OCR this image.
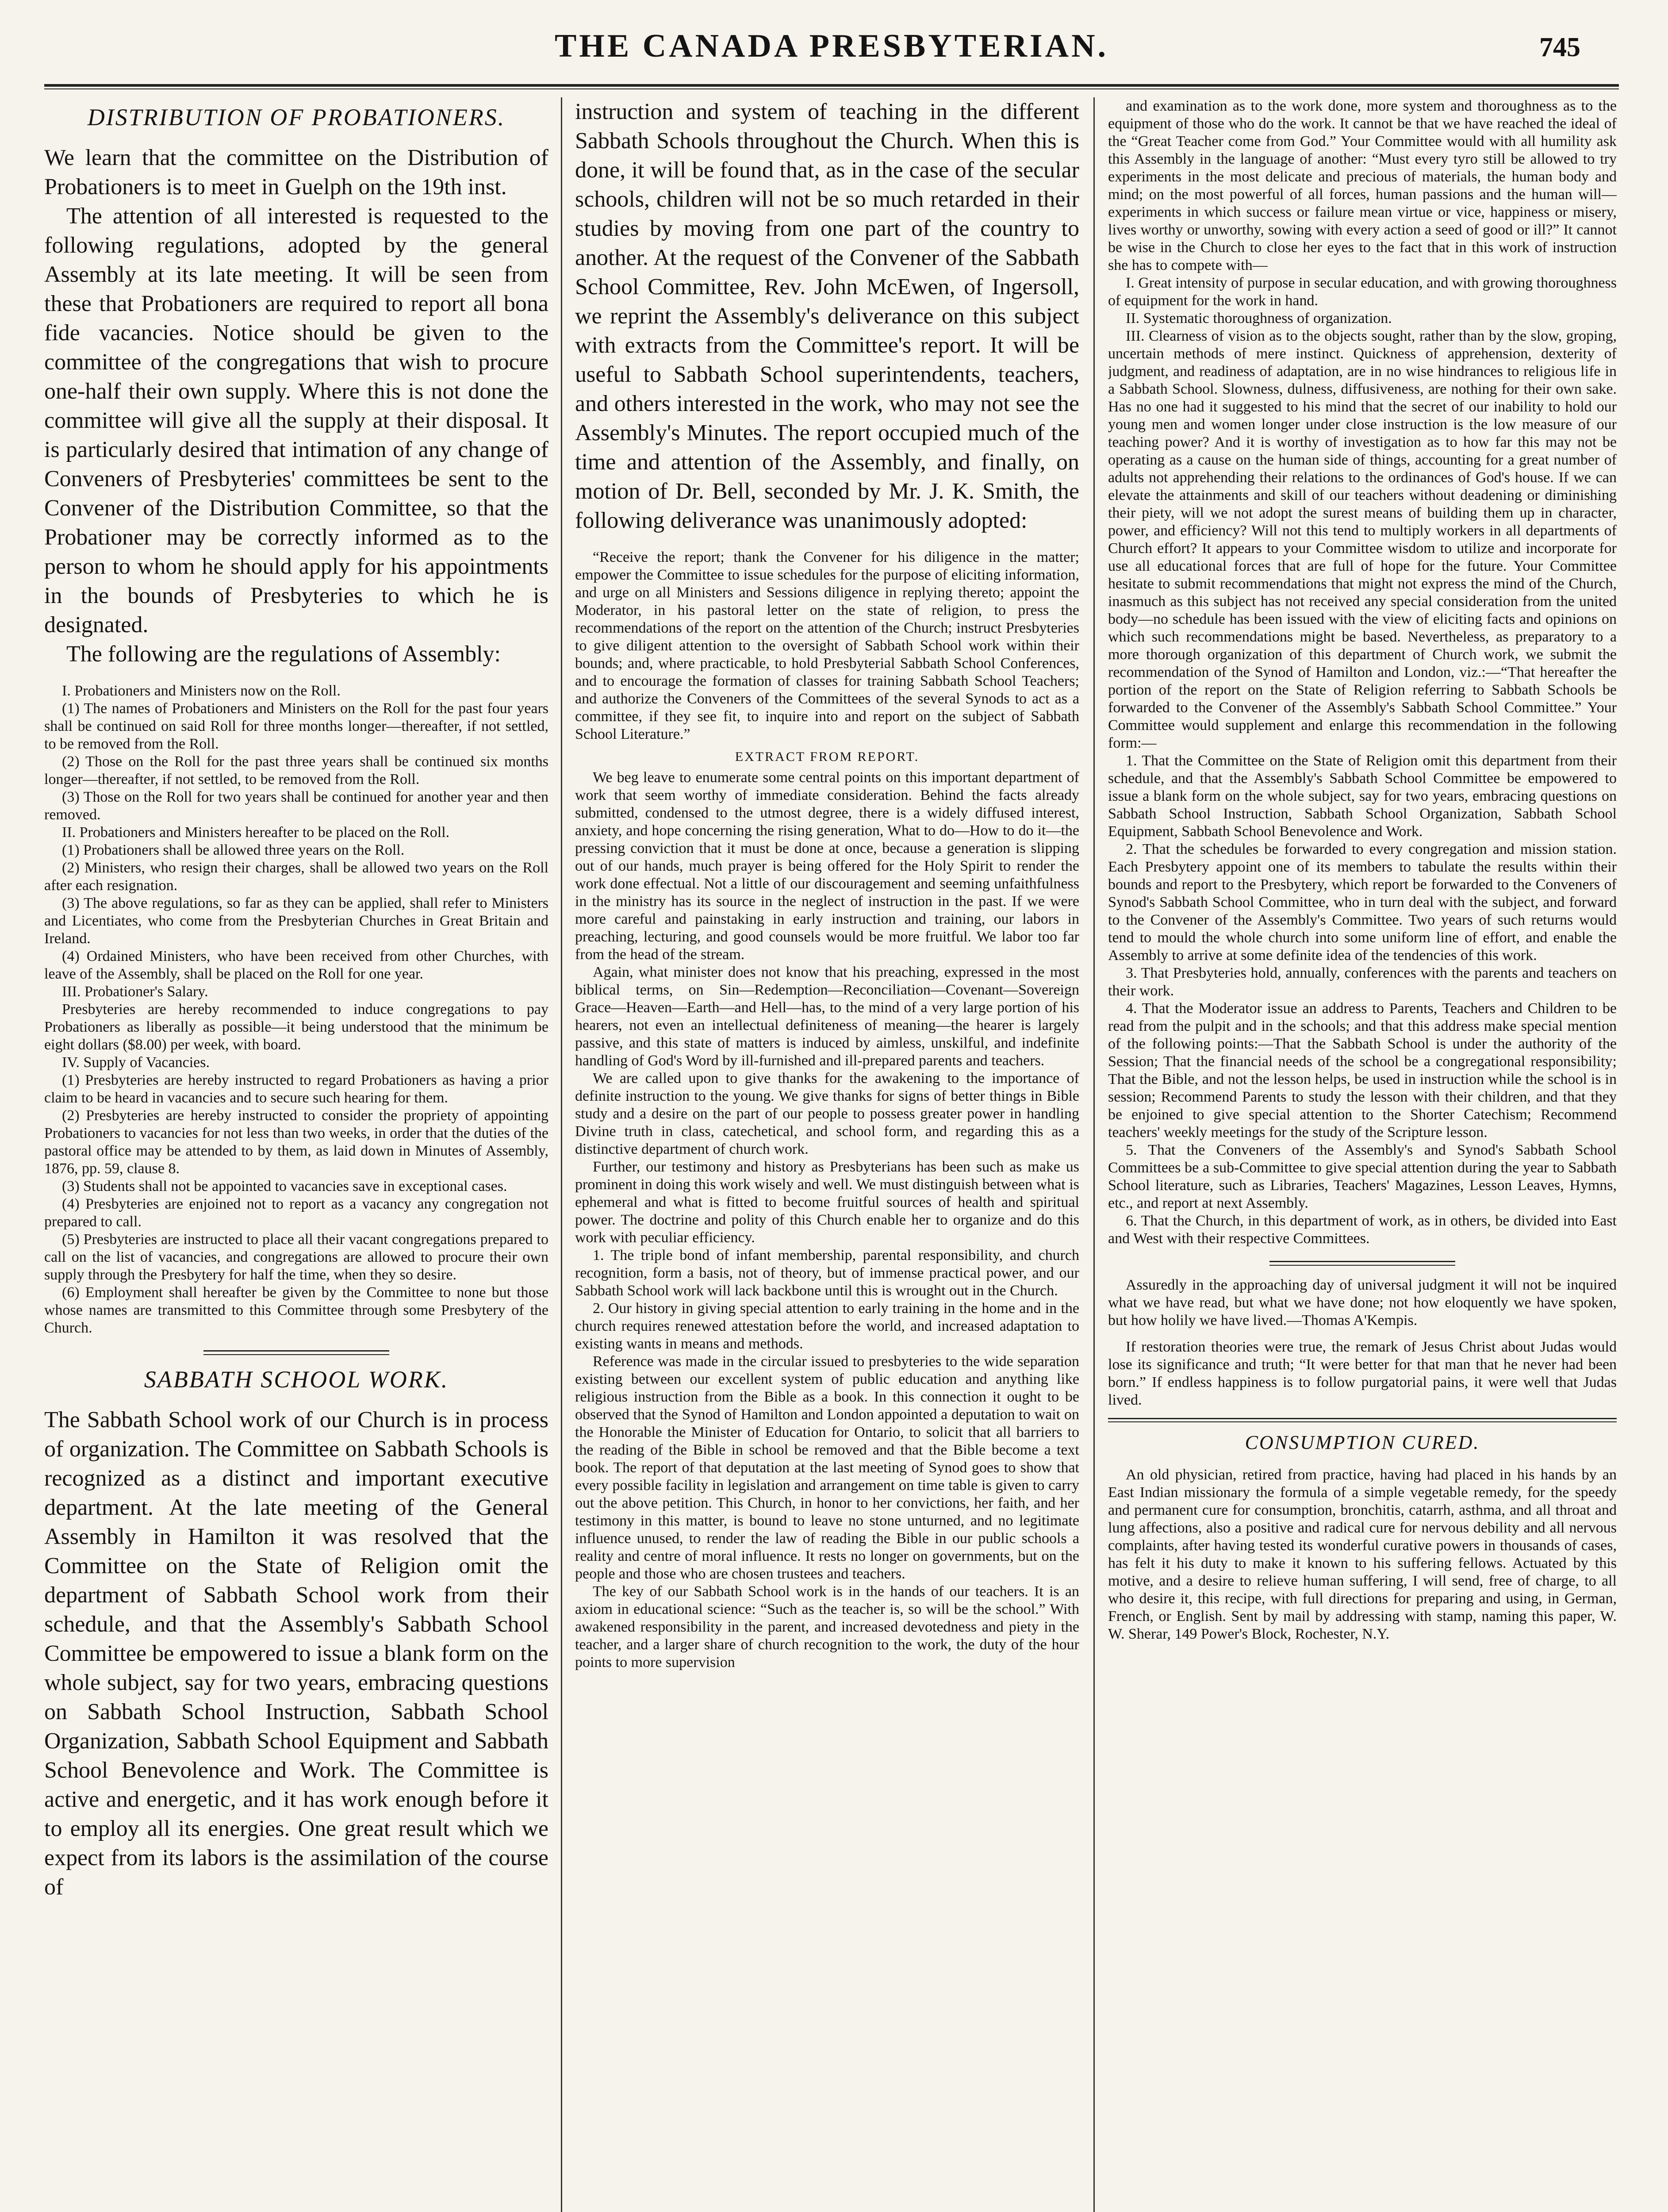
THE CANADA PRESBYTERIAN.	745
DISTRIBUTION OF PROBATIONERS.

We learn that the committee on the Distribution of Probationers is to meet in Guelph on the 19th inst.

The attention of all interested is requested to the following regulations, adopted by the general Assembly at its late meeting. It will be seen from these that Probationers are required to report all bona fide vacancies. Notice should be given to the committee of the congregations that wish to procure one-half their own supply. Where this is not done the committee will give all the supply at their disposal. It is particularly desired that intimation of any change of Conveners of Presbyteries' committees be sent to the Convener of the Distribution Committee, so that the Probationer may be correctly informed as to the person to whom he should apply for his appointments in the bounds of Presbyteries to which he is designated.

The following are the regulations of Assembly:

I. Probationers and Ministers now on the Roll.

(1) The names of Probationers and Ministers on the Roll for the past four years shall be continued on said Roll for three months longer—thereafter, if not settled, to be removed from the Roll.

(2) Those on the Roll for the past three years shall be continued six months longer—thereafter, if not settled, to be removed from the Roll.

(3) Those on the Roll for two years shall be continued for another year and then removed.

II. Probationers and Ministers hereafter to be placed on the Roll.

(1) Probationers shall be allowed three years on the Roll.

(2) Ministers, who resign their charges, shall be allowed two years on the Roll after each resignation.

(3) The above regulations, so far as they can be applied, shall refer to Ministers and Licentiates, who come from the Presbyterian Churches in Great Britain and Ireland.

(4) Ordained Ministers, who have been received from other Churches, with leave of the Assembly, shall be placed on the Roll for one year.

III. Probationer's Salary.

Presbyteries are hereby recommended to induce congregations to pay Probationers as liberally as possible—it being understood that the minimum be eight dollars ($8.00) per week, with board.

IV. Supply of Vacancies.

(1) Presbyteries are hereby instructed to regard Probationers as having a prior claim to be heard in vacancies and to secure such hearing for them.

(2) Presbyteries are hereby instructed to consider the propriety of appointing Probationers to vacancies for not less than two weeks, in order that the duties of the pastoral office may be attended to by them, as laid down in Minutes of Assembly, 1876, pp. 59, clause 8.

(3) Students shall not be appointed to vacancies save in exceptional cases.

(4) Presbyteries are enjoined not to report as a vacancy any congregation not prepared to call.

(5) Presbyteries are instructed to place all their vacant congregations prepared to call on the list of vacancies, and congregations are allowed to procure their own supply through the Presbytery for half the time, when they so desire.

(6) Employment shall hereafter be given by the Committee to none but those whose names are transmitted to this Committee through some Presbytery of the Church.

SABBATH SCHOOL WORK.

The Sabbath School work of our Church is in process of organization. The Committee on Sabbath Schools is recognized as a distinct and important executive department. At the late meeting of the General Assembly in Hamilton it was resolved that the Committee on the State of Religion omit the department of Sabbath School work from their schedule, and that the Assembly's Sabbath School Committee be empowered to issue a blank form on the whole subject, say for two years, embracing questions on Sabbath School Instruction, Sabbath School Organization, Sabbath School Equipment and Sabbath School Benevolence and Work. The Committee is active and energetic, and it has work enough before it to employ all its energies. One great result which we expect from its labors is the assimilation of the course of

instruction and system of teaching in the different Sabbath Schools throughout the Church. When this is done, it will be found that, as in the case of the secular schools, children will not be so much retarded in their studies by moving from one part of the country to another. At the request of the Convener of the Sabbath School Committee, Rev. John McEwen, of Ingersoll, we reprint the Assembly's deliverance on this subject with extracts from the Committee's report. It will be useful to Sabbath School superintendents, teachers, and others interested in the work, who may not see the Assembly's Minutes. The report occupied much of the time and attention of the Assembly, and finally, on motion of Dr. Bell, seconded by Mr. J. K. Smith, the following deliverance was unanimously adopted:

“Receive the report; thank the Convener for his diligence in the matter; empower the Committee to issue schedules for the purpose of eliciting information, and urge on all Ministers and Sessions diligence in replying thereto; appoint the Moderator, in his pastoral letter on the state of religion, to press the recommendations of the report on the attention of the Church; instruct Presbyteries to give diligent attention to the oversight of Sabbath School work within their bounds; and, where practicable, to hold Presbyterial Sabbath School Conferences, and to encourage the formation of classes for training Sabbath School Teachers; and authorize the Conveners of the Committees of the several Synods to act as a committee, if they see fit, to inquire into and report on the subject of Sabbath School Literature.”

EXTRACT FROM REPORT.

We beg leave to enumerate some central points on this important department of work that seem worthy of immediate consideration. Behind the facts already submitted, condensed to the utmost degree, there is a widely diffused interest, anxiety, and hope concerning the rising generation, What to do—How to do it—the pressing conviction that it must be done at once, because a generation is slipping out of our hands, much prayer is being offered for the Holy Spirit to render the work done effectual. Not a little of our discouragement and seeming unfaithfulness in the ministry has its source in the neglect of instruction in the past. If we were more careful and painstaking in early instruction and training, our labors in preaching, lecturing, and good counsels would be more fruitful. We labor too far from the head of the stream.

Again, what minister does not know that his preaching, expressed in the most biblical terms, on Sin—Redemption—Reconciliation—Covenant—Sovereign Grace—Heaven—Earth—and Hell—has, to the mind of a very large portion of his hearers, not even an intellectual definiteness of meaning—the hearer is largely passive, and this state of matters is induced by aimless, unskilful, and indefinite handling of God's Word by ill-furnished and ill-prepared parents and teachers.

We are called upon to give thanks for the awakening to the importance of definite instruction to the young. We give thanks for signs of better things in Bible study and a desire on the part of our people to possess greater power in handling Divine truth in class, catechetical, and school form, and regarding this as a distinctive department of church work.

Further, our testimony and history as Presbyterians has been such as make us prominent in doing this work wisely and well. We must distinguish between what is ephemeral and what is fitted to become fruitful sources of health and spiritual power. The doctrine and polity of this Church enable her to organize and do this work with peculiar efficiency.

1. The triple bond of infant membership, parental responsibility, and church recognition, form a basis, not of theory, but of immense practical power, and our Sabbath School work will lack backbone until this is wrought out in the Church.

2. Our history in giving special attention to early training in the home and in the church requires renewed attestation before the world, and increased adaptation to existing wants in means and methods.

Reference was made in the circular issued to presbyteries to the wide separation existing between our excellent system of public education and anything like religious instruction from the Bible as a book. In this connection it ought to be observed that the Synod of Hamilton and London appointed a deputation to wait on the Honorable the Minister of Education for Ontario, to solicit that all barriers to the reading of the Bible in school be removed and that the Bible become a text book. The report of that deputation at the last meeting of Synod goes to show that every possible facility in legislation and arrangement on time table is given to carry out the above petition. This Church, in honor to her convictions, her faith, and her testimony in this matter, is bound to leave no stone unturned, and no legitimate influence unused, to render the law of reading the Bible in our public schools a reality and centre of moral influence. It rests no longer on governments, but on the people and those who are chosen trustees and teachers.

The key of our Sabbath School work is in the hands of our teachers. It is an axiom in educational science: “Such as the teacher is, so will be the school.” With awakened responsibility in the parent, and increased devotedness and piety in the teacher, and a larger share of church recognition to the work, the duty of the hour points to more supervision

and examination as to the work done, more system and thoroughness as to the equipment of those who do the work. It cannot be that we have reached the ideal of the “Great Teacher come from God.” Your Committee would with all humility ask this Assembly in the language of another: “Must every tyro still be allowed to try experiments in the most delicate and precious of materials, the human body and mind; on the most powerful of all forces, human passions and the human will—experiments in which success or failure mean virtue or vice, happiness or misery, lives worthy or unworthy, sowing with every action a seed of good or ill?” It cannot be wise in the Church to close her eyes to the fact that in this work of instruction she has to compete with—

I. Great intensity of purpose in secular education, and with growing thoroughness of equipment for the work in hand.

II. Systematic thoroughness of organization.

III. Clearness of vision as to the objects sought, rather than by the slow, groping, uncertain methods of mere instinct. Quickness of apprehension, dexterity of judgment, and readiness of adaptation, are in no wise hindrances to religious life in a Sabbath School. Slowness, dulness, diffusiveness, are nothing for their own sake. Has no one had it suggested to his mind that the secret of our inability to hold our young men and women longer under close instruction is the low measure of our teaching power? And it is worthy of investigation as to how far this may not be operating as a cause on the human side of things, accounting for a great number of adults not apprehending their relations to the ordinances of God's house. If we can elevate the attainments and skill of our teachers without deadening or diminishing their piety, will we not adopt the surest means of building them up in character, power, and efficiency? Will not this tend to multiply workers in all departments of Church effort? It appears to your Committee wisdom to utilize and incorporate for use all educational forces that are full of hope for the future. Your Committee hesitate to submit recommendations that might not express the mind of the Church, inasmuch as this subject has not received any special consideration from the united body—no schedule has been issued with the view of eliciting facts and opinions on which such recommendations might be based. Nevertheless, as preparatory to a more thorough organization of this department of Church work, we submit the recommendation of the Synod of Hamilton and London, viz.:—“That hereafter the portion of the report on the State of Religion referring to Sabbath Schools be forwarded to the Convener of the Assembly's Sabbath School Committee.” Your Committee would supplement and enlarge this recommendation in the following form:—

1. That the Committee on the State of Religion omit this department from their schedule, and that the Assembly's Sabbath School Committee be empowered to issue a blank form on the whole subject, say for two years, embracing questions on Sabbath School Instruction, Sabbath School Organization, Sabbath School Equipment, Sabbath School Benevolence and Work.

2. That the schedules be forwarded to every congregation and mission station. Each Presbytery appoint one of its members to tabulate the results within their bounds and report to the Presbytery, which report be forwarded to the Conveners of Synod's Sabbath School Committee, who in turn deal with the subject, and forward to the Convener of the Assembly's Committee. Two years of such returns would tend to mould the whole church into some uniform line of effort, and enable the Assembly to arrive at some definite idea of the tendencies of this work.

3. That Presbyteries hold, annually, conferences with the parents and teachers on their work.

4. That the Moderator issue an address to Parents, Teachers and Children to be read from the pulpit and in the schools; and that this address make special mention of the following points:—That the Sabbath School is under the authority of the Session; That the financial needs of the school be a congregational responsibility; That the Bible, and not the lesson helps, be used in instruction while the school is in session; Recommend Parents to study the lesson with their children, and that they be enjoined to give special attention to the Shorter Catechism; Recommend teachers' weekly meetings for the study of the Scripture lesson.

5. That the Conveners of the Assembly's and Synod's Sabbath School Committees be a sub-Committee to give special attention during the year to Sabbath School literature, such as Libraries, Teachers' Magazines, Lesson Leaves, Hymns, etc., and report at next Assembly.

6. That the Church, in this department of work, as in others, be divided into East and West with their respective Committees.

Assuredly in the approaching day of universal judgment it will not be inquired what we have read, but what we have done; not how eloquently we have spoken, but how holily we have lived.—Thomas A'Kempis.

If restoration theories were true, the remark of Jesus Christ about Judas would lose its significance and truth; “It were better for that man that he never had been born.” If endless happiness is to follow purgatorial pains, it were well that Judas lived.

CONSUMPTION CURED.

An old physician, retired from practice, having had placed in his hands by an East Indian missionary the formula of a simple vegetable remedy, for the speedy and permanent cure for consumption, bronchitis, catarrh, asthma, and all throat and lung affections, also a positive and radical cure for nervous debility and all nervous complaints, after having tested its wonderful curative powers in thousands of cases, has felt it his duty to make it known to his suffering fellows. Actuated by this motive, and a desire to relieve human suffering, I will send, free of charge, to all who desire it, this recipe, with full directions for preparing and using, in German, French, or English. Sent by mail by addressing with stamp, naming this paper, W. W. Sherar, 149 Power's Block, Rochester, N.Y.
